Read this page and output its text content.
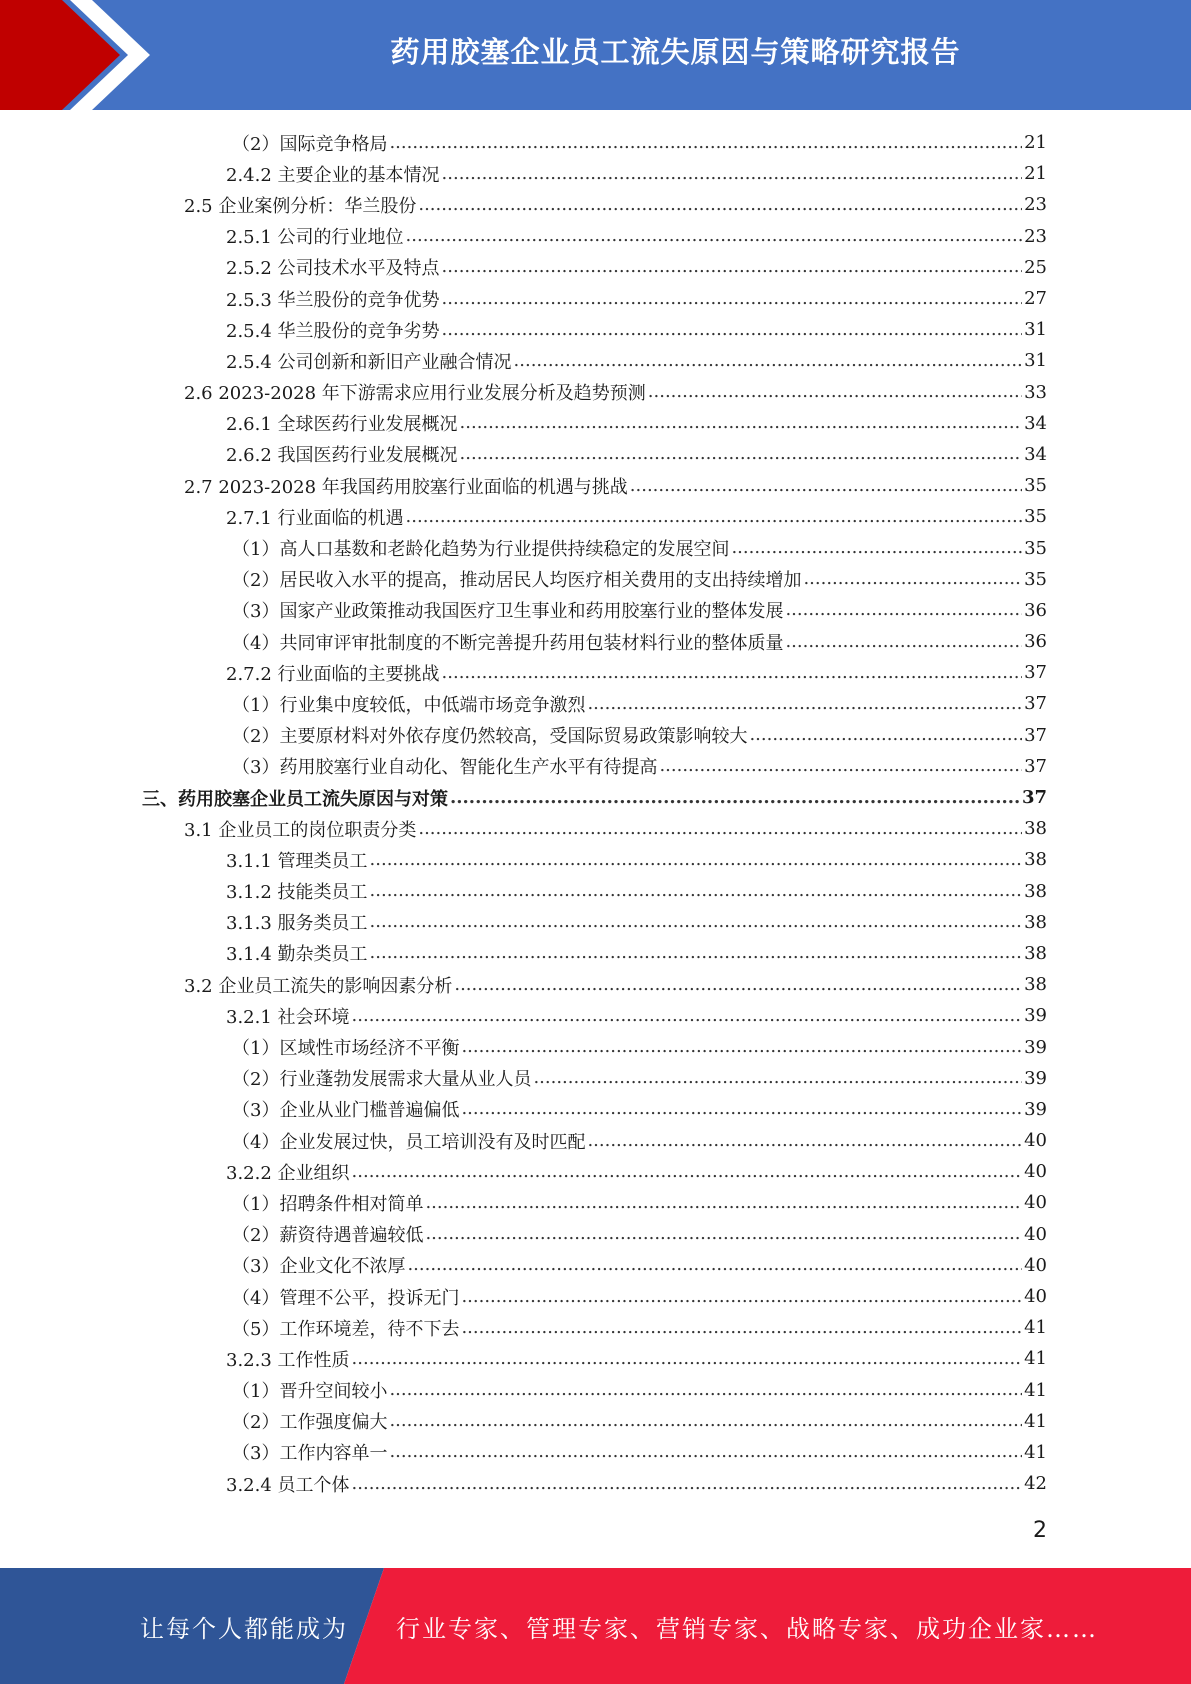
药用胶塞企业员工流失原因与策略研究报告
（2）国际竞争格局 .....	21
2.4.2 主要企业的基本情况 .....	21
2.5 企业案例分析：华兰股份 .....	23
2.5.1 公司的行业地位 .....	23
2.5.2 公司技术水平及特点 .....	25
2.5.3 华兰股份的竞争优势 .....	27
2.5.4 华兰股份的竞争劣势 .....	31
2.5.4 公司创新和新旧产业融合情况 .....	31
2.6 2023-2028 年下游需求应用行业发展分析及趋势预测 .....	33
2.6.1 全球医药行业发展概况 .....	34
2.6.2 我国医药行业发展概况 .....	34
2.7 2023-2028 年我国药用胶塞行业面临的机遇与挑战 .....	35
2.7.1 行业面临的机遇 .....	35
（1）高人口基数和老龄化趋势为行业提供持续稳定的发展空间 .....	35
（2）居民收入水平的提高，推动居民人均医疗相关费用的支出持续增加 .....	35
（3）国家产业政策推动我国医疗卫生事业和药用胶塞行业的整体发展 .....	36
（4）共同审评审批制度的不断完善提升药用包装材料行业的整体质量 .....	36
2.7.2 行业面临的主要挑战 .....	37
（1）行业集中度较低，中低端市场竞争激烈 .....	37
（2）主要原材料对外依存度仍然较高，受国际贸易政策影响较大 .....	37
（3）药用胶塞行业自动化、智能化生产水平有待提高 .....	37
三、药用胶塞企业员工流失原因与对策 .....	37
3.1 企业员工的岗位职责分类 .....	38
3.1.1 管理类员工 .....	38
3.1.2 技能类员工 .....	38
3.1.3 服务类员工 .....	38
3.1.4 勤杂类员工 .....	38
3.2 企业员工流失的影响因素分析 .....	38
3.2.1 社会环境 .....	39
（1）区域性市场经济不平衡 .....	39
（2）行业蓬勃发展需求大量从业人员 .....	39
（3）企业从业门槛普遍偏低 .....	39
（4）企业发展过快，员工培训没有及时匹配 .....	40
3.2.2 企业组织 .....	40
（1）招聘条件相对简单 .....	40
（2）薪资待遇普遍较低 .....	40
（3）企业文化不浓厚 .....	40
（4）管理不公平，投诉无门 .....	40
（5）工作环境差，待不下去 .....	41
3.2.3 工作性质 .....	41
（1）晋升空间较小 .....	41
（2）工作强度偏大 .....	41
（3）工作内容单一 .....	41
3.2.4 员工个体 .....	42
2
让每个人都能成为 行业专家、管理专家、营销专家、战略专家、成功企业家……
